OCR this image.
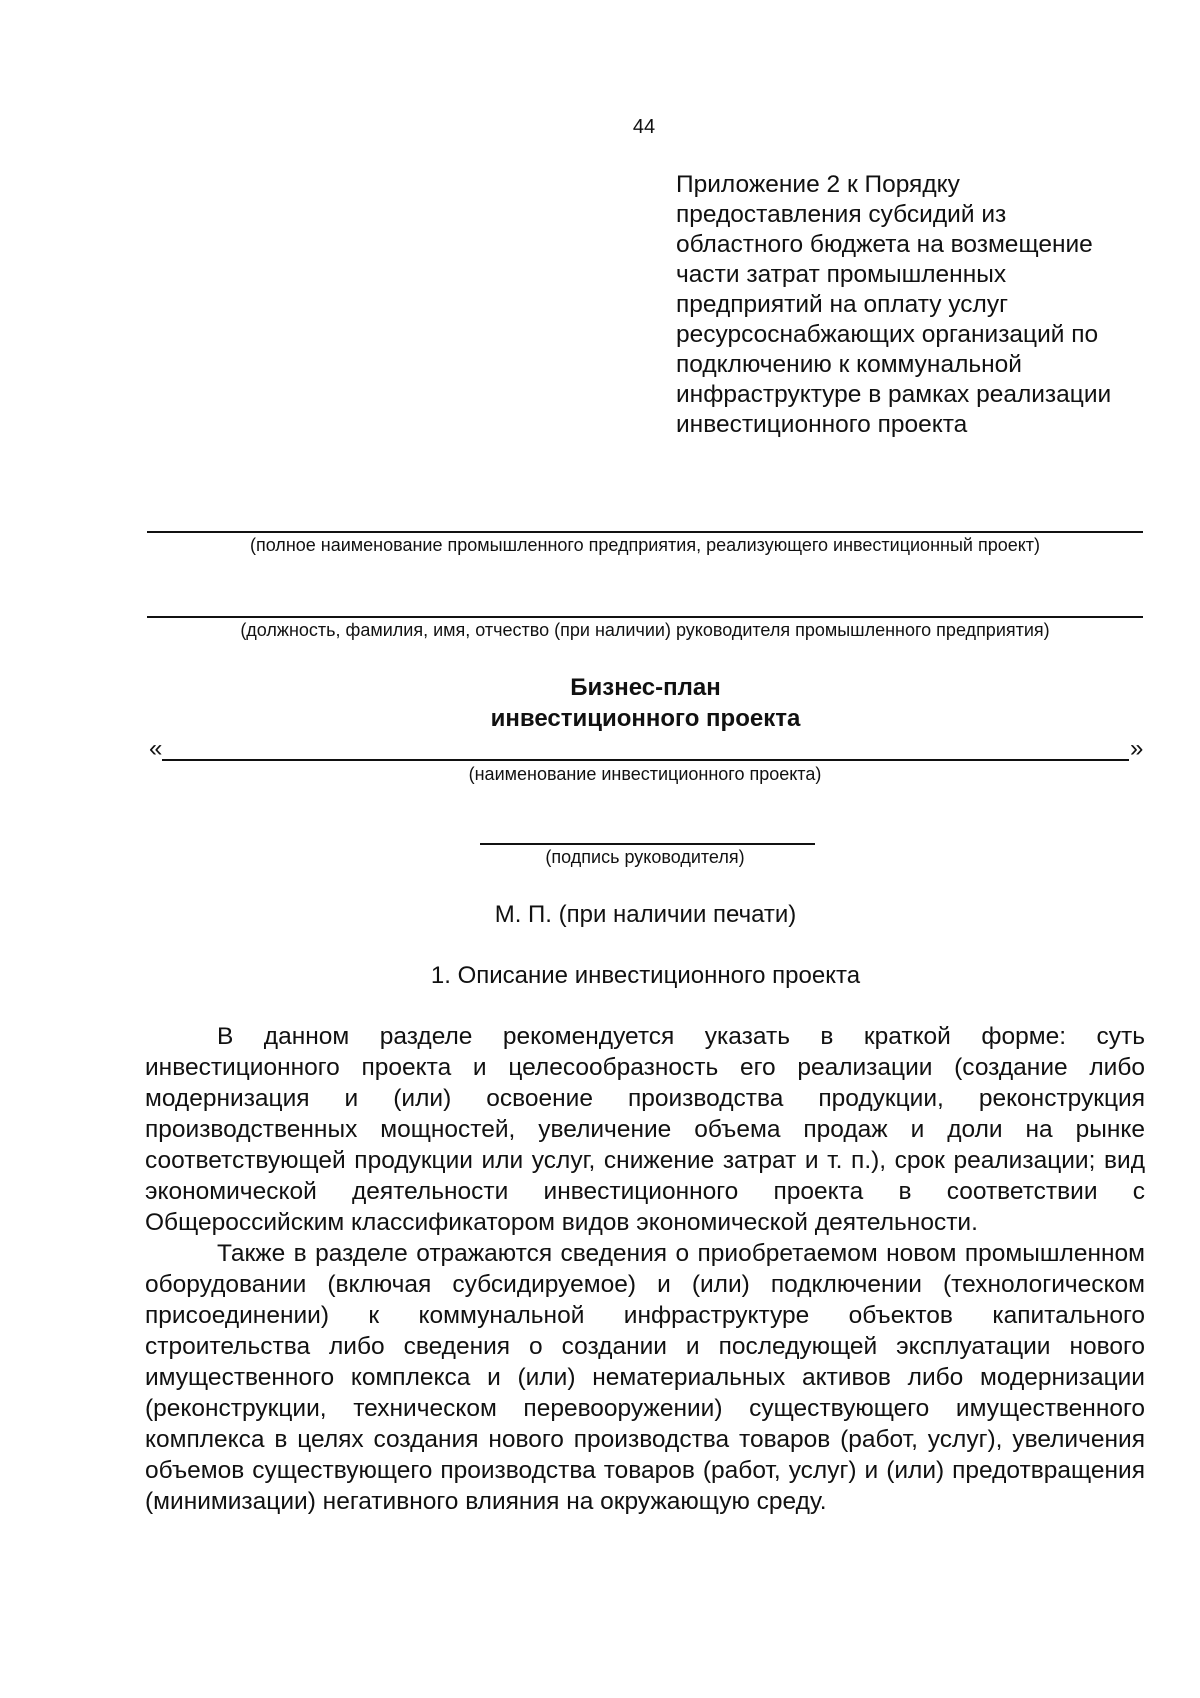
44
Приложение 2 к Порядку
предоставления субсидий из
областного бюджета на возмещение
части затрат промышленных
предприятий на оплату услуг
ресурсоснабжающих организаций по
подключению к коммунальной
инфраструктуре в рамках реализации
инвестиционного проекта
(полное наименование промышленного предприятия, реализующего инвестиционный проект)
(должность, фамилия, имя, отчество (при наличии) руководителя промышленного предприятия)
Бизнес-план
инвестиционного проекта
«	»
(наименование инвестиционного проекта)
(подпись руководителя)
М. П. (при наличии печати)
1. Описание инвестиционного проекта

В данном разделе рекомендуется указать в краткой форме: суть инвестиционного проекта и целесообразность его реализации (создание либо модернизация и (или) освоение производства продукции, реконструкция производственных мощностей, увеличение объема продаж и доли на рынке соответствующей продукции или услуг, снижение затрат и т. п.), срок реализации; вид экономической деятельности инвестиционного проекта в соответствии с Общероссийским классификатором видов экономической деятельности.

Также в разделе отражаются сведения о приобретаемом новом промышленном оборудовании (включая субсидируемое) и (или) подключении (технологическом присоединении) к коммунальной инфраструктуре объектов капитального строительства либо сведения о создании и последующей эксплуатации нового имущественного комплекса и (или) нематериальных активов либо модернизации (реконструкции, техническом перевооружении) существующего имущественного комплекса в целях создания нового производства товаров (работ, услуг), увеличения объемов существующего производства товаров (работ, услуг) и (или) предотвращения (минимизации) негативного влияния на окружающую среду.
